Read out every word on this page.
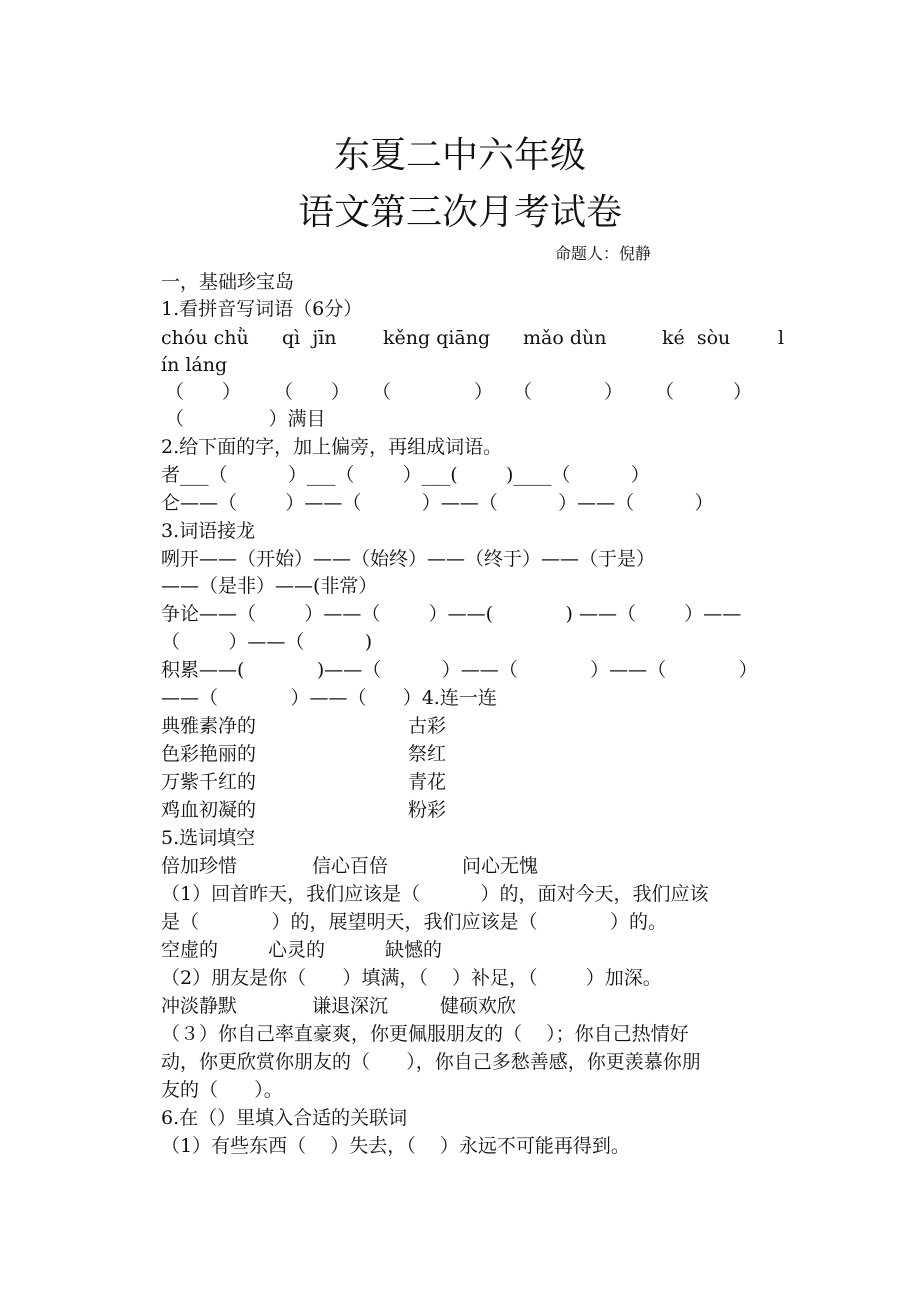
东夏二中六年级
语文第三次月考试卷
命题人：倪静
一，基础珍宝岛
1.看拼音写词语（6分）
chóu chǜ qì  jīn kěng qiāng mǎo dùn	ké  sòu	l
ín láng
（ ） （ ） （	） （	） （	）
（              ）满目
2.给下面的字，加上偏旁，再组成词语。
者___（          ）___（        ）___(        )____（          ）
仑——（        ）——（          ）——（          ）——（          ）
3.词语接龙
咧开——（开始）——（始终）——（终于）——（于是）
——（是非）——(非常）
争论——（        ）——（        ）——(            ) ——（        ）——
（        ）——（          )
积累——(            )——（          ）——（            ）——（            ）
——（            ）——（      ）4.连一连
典雅素净的	古彩
色彩艳丽的	祭红
万紫千红的	青花
鸡血初凝的	粉彩
5.选词填空
倍加珍惜	信心百倍	问心无愧
（1）回首昨天，我们应该是（          ）的，面对今天，我们应该
是（            ）的，展望明天，我们应该是（            ）的。
空虚的	心灵的	缺憾的
（2）朋友是你（      ）填满，（    ）补足，（        ）加深。
冲淡静默	谦退深沉	健硕欢欣
（３）你自己率直豪爽，你更佩服朋友的（    ）；你自己热情好
动，你更欣赏你朋友的（      ），你自己多愁善感，你更羡慕你朋
友的（      ）。
6.在（）里填入合适的关联词
（1）有些东西（    ）失去，（    ）永远不可能再得到。
